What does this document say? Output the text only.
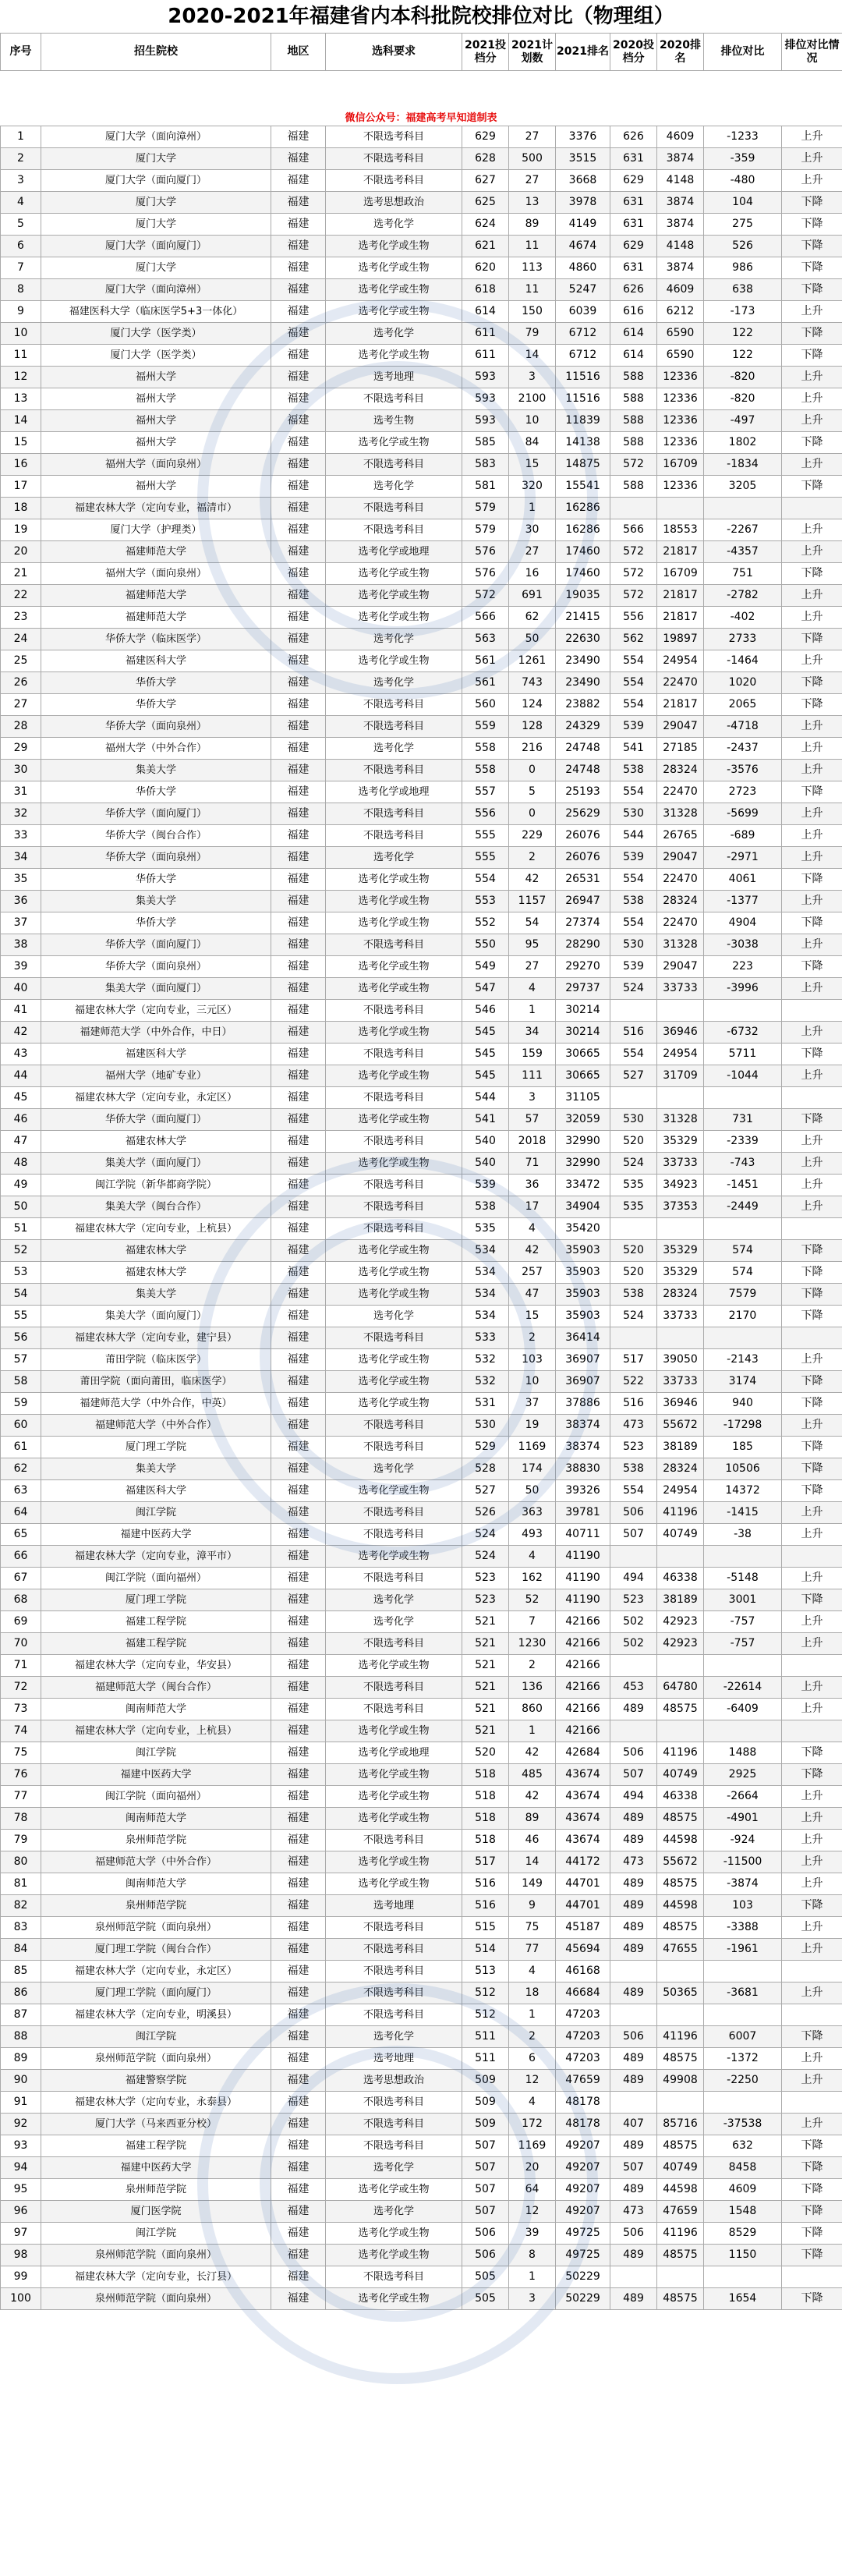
2020-2021年福建省内本科批院校排位对比（物理组）
序号	招生院校	地区	选科要求	2021投档分	2021计划数	2021排名	2020投档分	2020排名	排位对比	排位对比情况
微信公众号：福建高考早知道制表
1	厦门大学（面向漳州）	福建	不限选考科目	629	27	3376	626	4609	-1233	上升
2	厦门大学	福建	不限选考科目	628	500	3515	631	3874	-359	上升
3	厦门大学（面向厦门）	福建	不限选考科目	627	27	3668	629	4148	-480	上升
4	厦门大学	福建	选考思想政治	625	13	3978	631	3874	104	下降
5	厦门大学	福建	选考化学	624	89	4149	631	3874	275	下降
6	厦门大学（面向厦门）	福建	选考化学或生物	621	11	4674	629	4148	526	下降
7	厦门大学	福建	选考化学或生物	620	113	4860	631	3874	986	下降
8	厦门大学（面向漳州）	福建	选考化学或生物	618	11	5247	626	4609	638	下降
9	福建医科大学（临床医学5+3一体化）	福建	选考化学或生物	614	150	6039	616	6212	-173	上升
10	厦门大学（医学类）	福建	选考化学	611	79	6712	614	6590	122	下降
11	厦门大学（医学类）	福建	选考化学或生物	611	14	6712	614	6590	122	下降
12	福州大学	福建	选考地理	593	3	11516	588	12336	-820	上升
13	福州大学	福建	不限选考科目	593	2100	11516	588	12336	-820	上升
14	福州大学	福建	选考生物	593	10	11839	588	12336	-497	上升
15	福州大学	福建	选考化学或生物	585	84	14138	588	12336	1802	下降
16	福州大学（面向泉州）	福建	不限选考科目	583	15	14875	572	16709	-1834	上升
17	福州大学	福建	选考化学	581	320	15541	588	12336	3205	下降
18	福建农林大学（定向专业，福清市）	福建	不限选考科目	579	1	16286				
19	厦门大学（护理类）	福建	不限选考科目	579	30	16286	566	18553	-2267	上升
20	福建师范大学	福建	选考化学或地理	576	27	17460	572	21817	-4357	上升
21	福州大学（面向泉州）	福建	选考化学或生物	576	16	17460	572	16709	751	下降
22	福建师范大学	福建	选考化学或生物	572	691	19035	572	21817	-2782	上升
23	福建师范大学	福建	选考化学或生物	566	62	21415	556	21817	-402	上升
24	华侨大学（临床医学）	福建	选考化学	563	50	22630	562	19897	2733	下降
25	福建医科大学	福建	选考化学或生物	561	1261	23490	554	24954	-1464	上升
26	华侨大学	福建	选考化学	561	743	23490	554	22470	1020	下降
27	华侨大学	福建	不限选考科目	560	124	23882	554	21817	2065	下降
28	华侨大学（面向泉州）	福建	不限选考科目	559	128	24329	539	29047	-4718	上升
29	福州大学（中外合作）	福建	选考化学	558	216	24748	541	27185	-2437	上升
30	集美大学	福建	不限选考科目	558	0	24748	538	28324	-3576	上升
31	华侨大学	福建	选考化学或地理	557	5	25193	554	22470	2723	下降
32	华侨大学（面向厦门）	福建	不限选考科目	556	0	25629	530	31328	-5699	上升
33	华侨大学（闽台合作）	福建	不限选考科目	555	229	26076	544	26765	-689	上升
34	华侨大学（面向泉州）	福建	选考化学	555	2	26076	539	29047	-2971	上升
35	华侨大学	福建	选考化学或生物	554	42	26531	554	22470	4061	下降
36	集美大学	福建	选考化学或生物	553	1157	26947	538	28324	-1377	上升
37	华侨大学	福建	选考化学或生物	552	54	27374	554	22470	4904	下降
38	华侨大学（面向厦门）	福建	不限选考科目	550	95	28290	530	31328	-3038	上升
39	华侨大学（面向泉州）	福建	选考化学或生物	549	27	29270	539	29047	223	下降
40	集美大学（面向厦门）	福建	选考化学或生物	547	4	29737	524	33733	-3996	上升
41	福建农林大学（定向专业，三元区）	福建	不限选考科目	546	1	30214				
42	福建师范大学（中外合作，中日）	福建	选考化学或生物	545	34	30214	516	36946	-6732	上升
43	福建医科大学	福建	不限选考科目	545	159	30665	554	24954	5711	下降
44	福州大学（地矿专业）	福建	选考化学或生物	545	111	30665	527	31709	-1044	上升
45	福建农林大学（定向专业，永定区）	福建	不限选考科目	544	3	31105				
46	华侨大学（面向厦门）	福建	选考化学或生物	541	57	32059	530	31328	731	下降
47	福建农林大学	福建	不限选考科目	540	2018	32990	520	35329	-2339	上升
48	集美大学（面向厦门）	福建	选考化学或生物	540	71	32990	524	33733	-743	上升
49	闽江学院（新华都商学院）	福建	不限选考科目	539	36	33472	535	34923	-1451	上升
50	集美大学（闽台合作）	福建	不限选考科目	538	17	34904	535	37353	-2449	上升
51	福建农林大学（定向专业，上杭县）	福建	不限选考科目	535	4	35420				
52	福建农林大学	福建	选考化学或生物	534	42	35903	520	35329	574	下降
53	福建农林大学	福建	选考化学或生物	534	257	35903	520	35329	574	下降
54	集美大学	福建	选考化学或生物	534	47	35903	538	28324	7579	下降
55	集美大学（面向厦门）	福建	选考化学	534	15	35903	524	33733	2170	下降
56	福建农林大学（定向专业，建宁县）	福建	不限选考科目	533	2	36414				
57	莆田学院（临床医学）	福建	选考化学或生物	532	103	36907	517	39050	-2143	上升
58	莆田学院（面向莆田，临床医学）	福建	选考化学或生物	532	10	36907	522	33733	3174	下降
59	福建师范大学（中外合作，中英）	福建	选考化学或生物	531	37	37886	516	36946	940	下降
60	福建师范大学（中外合作）	福建	不限选考科目	530	19	38374	473	55672	-17298	上升
61	厦门理工学院	福建	不限选考科目	529	1169	38374	523	38189	185	下降
62	集美大学	福建	选考化学	528	174	38830	538	28324	10506	下降
63	福建医科大学	福建	选考化学或生物	527	50	39326	554	24954	14372	下降
64	闽江学院	福建	不限选考科目	526	363	39781	506	41196	-1415	上升
65	福建中医药大学	福建	不限选考科目	524	493	40711	507	40749	-38	上升
66	福建农林大学（定向专业，漳平市）	福建	选考化学或生物	524	4	41190				
67	闽江学院（面向福州）	福建	不限选考科目	523	162	41190	494	46338	-5148	上升
68	厦门理工学院	福建	选考化学	523	52	41190	523	38189	3001	下降
69	福建工程学院	福建	选考化学	521	7	42166	502	42923	-757	上升
70	福建工程学院	福建	不限选考科目	521	1230	42166	502	42923	-757	上升
71	福建农林大学（定向专业，华安县）	福建	选考化学或生物	521	2	42166				
72	福建师范大学（闽台合作）	福建	不限选考科目	521	136	42166	453	64780	-22614	上升
73	闽南师范大学	福建	不限选考科目	521	860	42166	489	48575	-6409	上升
74	福建农林大学（定向专业，上杭县）	福建	选考化学或生物	521	1	42166				
75	闽江学院	福建	选考化学或地理	520	42	42684	506	41196	1488	下降
76	福建中医药大学	福建	选考化学或生物	518	485	43674	507	40749	2925	下降
77	闽江学院（面向福州）	福建	选考化学或生物	518	42	43674	494	46338	-2664	上升
78	闽南师范大学	福建	选考化学或生物	518	89	43674	489	48575	-4901	上升
79	泉州师范学院	福建	不限选考科目	518	46	43674	489	44598	-924	上升
80	福建师范大学（中外合作）	福建	选考化学或生物	517	14	44172	473	55672	-11500	上升
81	闽南师范大学	福建	选考化学或生物	516	149	44701	489	48575	-3874	上升
82	泉州师范学院	福建	选考地理	516	9	44701	489	44598	103	下降
83	泉州师范学院（面向泉州）	福建	不限选考科目	515	75	45187	489	48575	-3388	上升
84	厦门理工学院（闽台合作）	福建	不限选考科目	514	77	45694	489	47655	-1961	上升
85	福建农林大学（定向专业，永定区）	福建	不限选考科目	513	4	46168				
86	厦门理工学院（面向厦门）	福建	不限选考科目	512	18	46684	489	50365	-3681	上升
87	福建农林大学（定向专业，明溪县）	福建	不限选考科目	512	1	47203				
88	闽江学院	福建	选考化学	511	2	47203	506	41196	6007	下降
89	泉州师范学院（面向泉州）	福建	选考地理	511	6	47203	489	48575	-1372	上升
90	福建警察学院	福建	选考思想政治	509	12	47659	489	49908	-2250	上升
91	福建农林大学（定向专业，永泰县）	福建	不限选考科目	509	4	48178				
92	厦门大学（马来西亚分校）	福建	不限选考科目	509	172	48178	407	85716	-37538	上升
93	福建工程学院	福建	不限选考科目	507	1169	49207	489	48575	632	下降
94	福建中医药大学	福建	选考化学	507	20	49207	507	40749	8458	下降
95	泉州师范学院	福建	选考化学或生物	507	64	49207	489	44598	4609	下降
96	厦门医学院	福建	选考化学	507	12	49207	473	47659	1548	下降
97	闽江学院	福建	选考化学或生物	506	39	49725	506	41196	8529	下降
98	泉州师范学院（面向泉州）	福建	选考化学或生物	506	8	49725	489	48575	1150	下降
99	福建农林大学（定向专业，长汀县）	福建	不限选考科目	505	1	50229				
100	泉州师范学院（面向泉州）	福建	选考化学或生物	505	3	50229	489	48575	1654	下降
